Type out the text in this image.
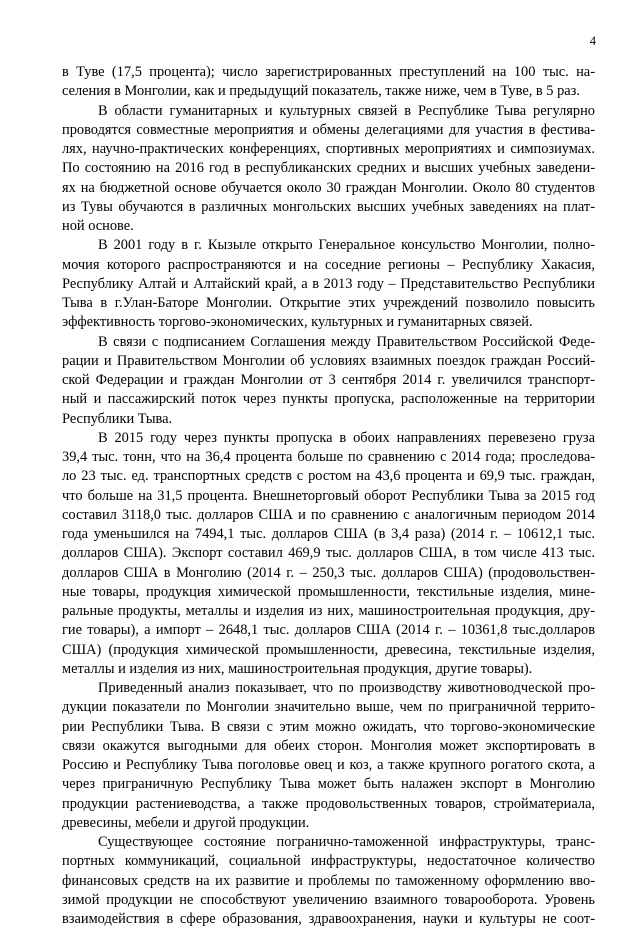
4
в Туве (17,5 процента); число зарегистрированных преступлений на 100 тыс. на-
селения в Монголии, как и предыдущий показатель, также ниже, чем в Туве, в 5 раз.
В области гуманитарных и культурных связей в Республике Тыва регулярно
проводятся совместные мероприятия и обмены делегациями для участия в фестива-
лях, научно-практических конференциях, спортивных мероприятиях и симпозиумах.
По состоянию на 2016 год в республиканских средних и высших учебных заведени-
ях на бюджетной основе обучается около 30 граждан Монголии. Около 80 студентов
из Тувы обучаются в различных монгольских высших учебных заведениях на плат-
ной основе.
В 2001 году в г. Кызыле открыто Генеральное консульство Монголии, полно-
мочия которого распространяются и на соседние регионы – Республику Хакасия,
Республику Алтай и Алтайский край, а в 2013 году – Представительство Республики
Тыва в г.Улан-Баторе Монголии. Открытие этих учреждений позволило повысить
эффективность торгово-экономических, культурных и гуманитарных связей.
В связи с подписанием Соглашения между Правительством Российской Феде-
рации и Правительством Монголии об условиях взаимных поездок граждан Россий-
ской Федерации и граждан Монголии от 3 сентября 2014 г. увеличился транспорт-
ный и пассажирский поток через пункты пропуска, расположенные на территории
Республики Тыва.
В 2015 году через пункты пропуска в обоих направлениях перевезено груза
39,4 тыс. тонн, что на 36,4 процента больше по сравнению с 2014 года; проследова-
ло 23 тыс. ед. транспортных средств с ростом на 43,6 процента и 69,9 тыс. граждан,
что больше на 31,5 процента. Внешнеторговый оборот Республики Тыва за 2015 год
составил 3118,0 тыс. долларов США и по сравнению с аналогичным периодом 2014
года уменьшился на 7494,1 тыс. долларов США (в 3,4 раза) (2014 г. – 10612,1 тыс.
долларов США). Экспорт составил 469,9 тыс. долларов США, в том числе 413 тыс.
долларов США в Монголию (2014 г. – 250,3 тыс. долларов США) (продовольствен-
ные товары, продукция химической промышленности, текстильные изделия, мине-
ральные продукты, металлы и изделия из них, машиностроительная продукция, дру-
гие товары), а импорт – 2648,1 тыс. долларов США (2014 г. – 10361,8 тыс.долларов
США) (продукция химической промышленности, древесина, текстильные изделия,
металлы и изделия из них, машиностроительная продукция, другие товары).
Приведенный анализ показывает, что по производству животноводческой про-
дукции показатели по Монголии значительно выше, чем по приграничной террито-
рии Республики Тыва. В связи с этим можно ожидать, что торгово-экономические
связи окажутся выгодными для обеих сторон. Монголия может экспортировать в
Россию и Республику Тыва поголовье овец и коз, а также крупного рогатого скота, а
через приграничную Республику Тыва может быть налажен экспорт в Монголию
продукции растениеводства, а также продовольственных товаров, стройматериала,
древесины, мебели и другой продукции.
Существующее состояние погранично-таможенной инфраструктуры, транс-
портных коммуникаций, социальной инфраструктуры, недостаточное количество
финансовых средств на их развитие и проблемы по таможенному оформлению вво-
зимой продукции не способствуют увеличению взаимного товарооборота. Уровень
взаимодействия в сфере образования, здравоохранения, науки и культуры не соот-
